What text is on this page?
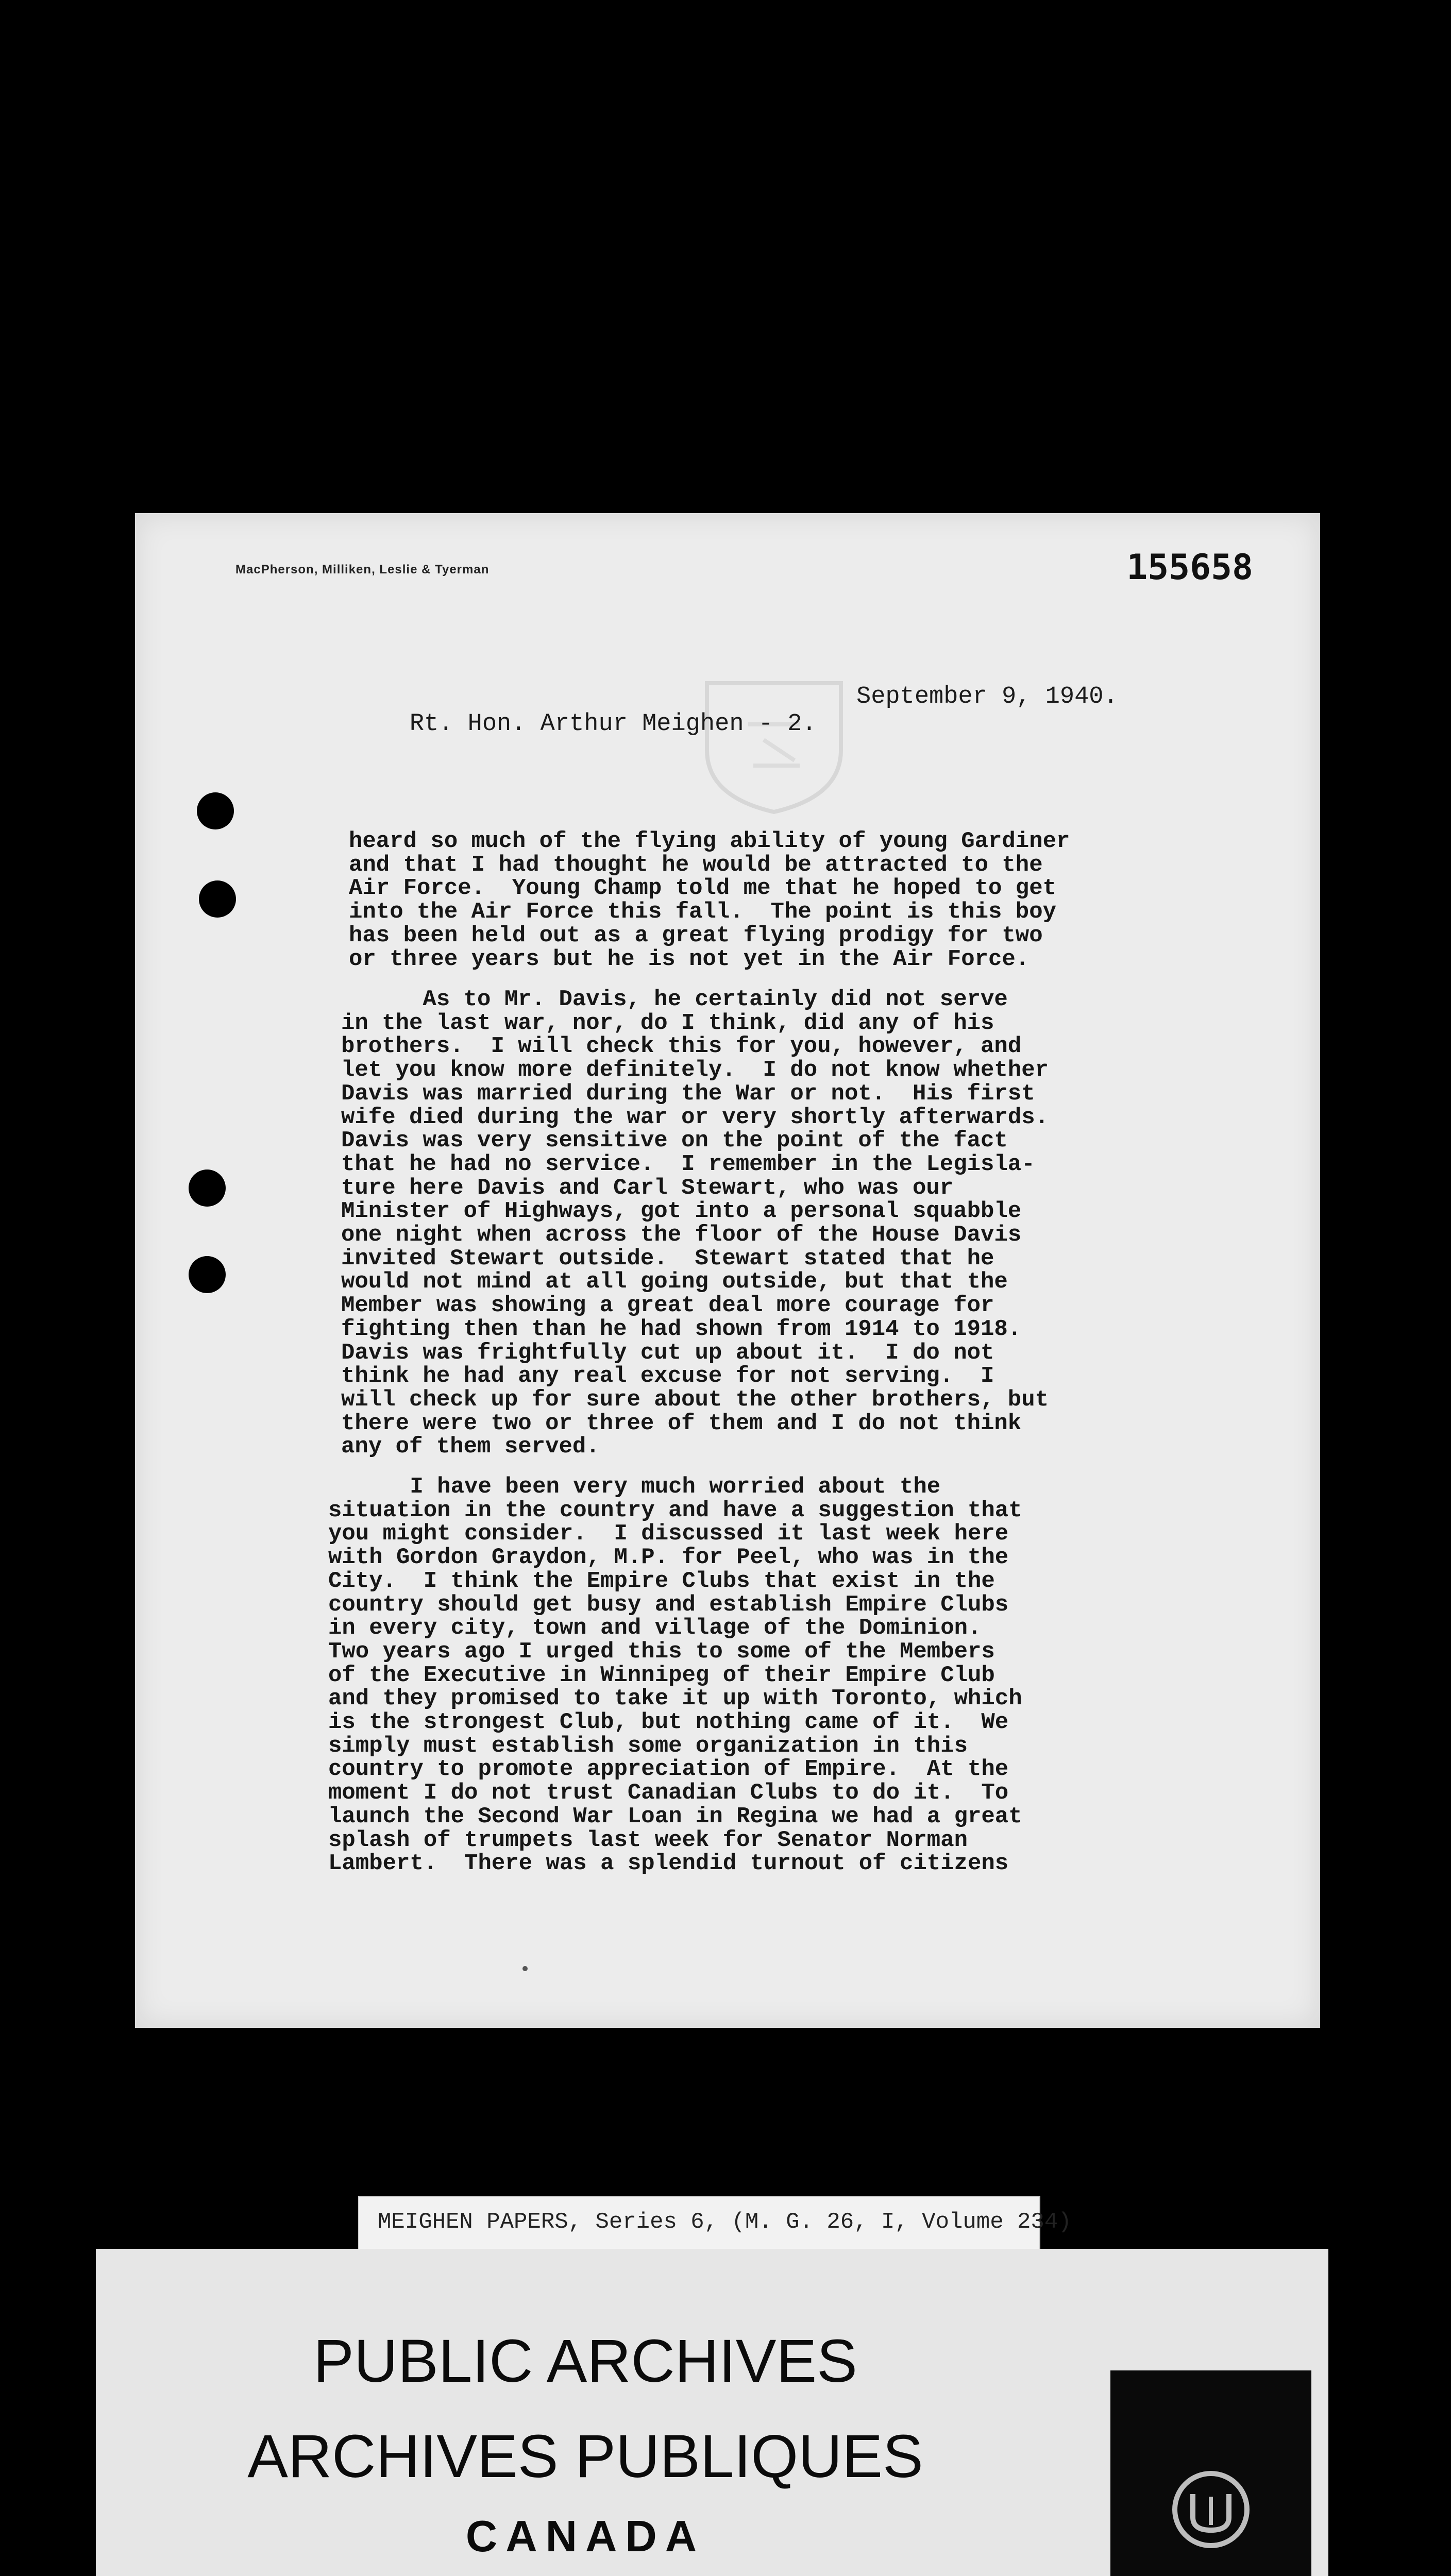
MacPherson, Milliken, Leslie & Tyerman	155658

Rt. Hon. Arthur Meighen - 2.

September 9, 1940.

heard so much of the flying ability of young Gardiner
and that I had thought he would be attracted to the
Air Force.  Young Champ told me that he hoped to get
into the Air Force this fall.  The point is this boy
has been held out as a great flying prodigy for two
or three years but he is not yet in the Air Force.
As to Mr. Davis, he certainly did not serve
in the last war, nor, do I think, did any of his
brothers.  I will check this for you, however, and
let you know more definitely.  I do not know whether
Davis was married during the War or not.  His first
wife died during the war or very shortly afterwards.
Davis was very sensitive on the point of the fact
that he had no service.  I remember in the Legisla-
ture here Davis and Carl Stewart, who was our
Minister of Highways, got into a personal squabble
one night when across the floor of the House Davis
invited Stewart outside.  Stewart stated that he
would not mind at all going outside, but that the
Member was showing a great deal more courage for
fighting then than he had shown from 1914 to 1918.
Davis was frightfully cut up about it.  I do not
think he had any real excuse for not serving.  I
will check up for sure about the other brothers, but
there were two or three of them and I do not think
any of them served.
I have been very much worried about the
situation in the country and have a suggestion that
you might consider.  I discussed it last week here
with Gordon Graydon, M.P. for Peel, who was in the
City.  I think the Empire Clubs that exist in the
country should get busy and establish Empire Clubs
in every city, town and village of the Dominion.
Two years ago I urged this to some of the Members
of the Executive in Winnipeg of their Empire Club
and they promised to take it up with Toronto, which
is the strongest Club, but nothing came of it.  We
simply must establish some organization in this
country to promote appreciation of Empire.  At the
moment I do not trust Canadian Clubs to do it.  To
launch the Second War Loan in Regina we had a great
splash of trumpets last week for Senator Norman
Lambert.  There was a splendid turnout of citizens
MEIGHEN PAPERS, Series 6, (M. G. 26, I, Volume 234)
PUBLIC ARCHIVES
ARCHIVES PUBLIQUES
CANADA
